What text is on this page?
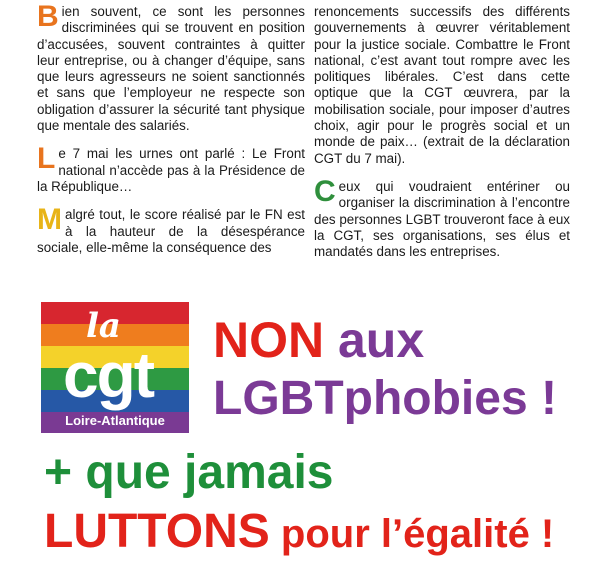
Bien souvent, ce sont les personnes discriminées qui se trouvent en position d’accusées, souvent contraintes à quitter leur entreprise, ou à changer d’équipe, sans que leurs agresseurs ne soient sanctionnés et sans que l’employeur ne respecte son obligation d’assurer la sécurité tant physique que mentale des salariés.

Le 7 mai les urnes ont parlé : Le Front national n’accède pas à la Présidence de la République…

Malgré tout, le score réalisé par le FN est à la hauteur de la désespérance sociale, elle-même la conséquence des

renoncements successifs des différents gouvernements à œuvrer véritablement pour la justice sociale. Combattre le Front national, c’est avant tout rompre avec les politiques libérales. C’est dans cette optique que la CGT œuvrera, par la mobilisation sociale, pour imposer d’autres choix, agir pour le progrès social et un monde de paix… (extrait de la déclaration CGT du 7 mai).

Ceux qui voudraient entériner ou organiser la discrimination à l’encontre des personnes LGBT trouveront face à eux la CGT, ses organisations, ses élus et mandatés dans les entreprises.

la
cgt
Loire-Atlantique
NON aux
LGBTphobies !
+ que jamais
LUTTONS pour l’égalité !
